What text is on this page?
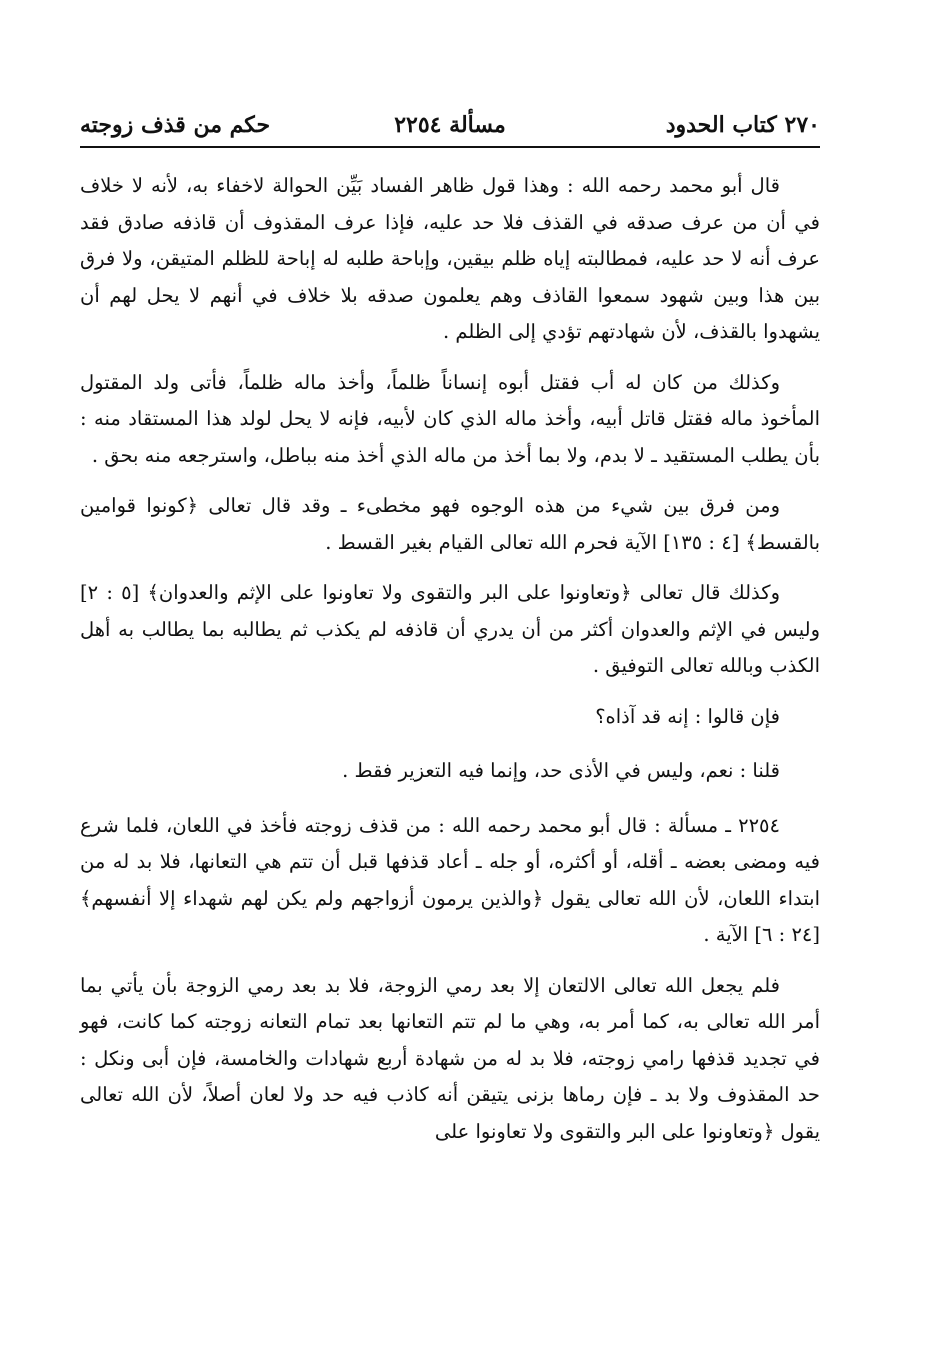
٢٧٠ كتاب الحدود
مسألة ٢٢٥٤
حكم من قذف زوجته

قال أبو محمد رحمه الله : وهذا قول ظاهر الفساد بَيِّن الحوالة لاخفاء به، لأنه لا خلاف في أن من عرف صدقه في القذف فلا حد عليه، فإذا عرف المقذوف أن قاذفه صادق فقد عرف أنه لا حد عليه، فمطالبته إياه ظلم بيقين، وإباحة طلبه له إباحة للظلم المتيقن، ولا فرق بين هذا وبين شهود سمعوا القاذف وهم يعلمون صدقه بلا خلاف في أنهم لا يحل لهم أن يشهدوا بالقذف، لأن شهادتهم تؤدي إلى الظلم .

وكذلك من كان له أب فقتل أبوه إنساناً ظلماً، وأخذ ماله ظلماً، فأتى ولد المقتول المأخوذ ماله فقتل قاتل أبيه، وأخذ ماله الذي كان لأبيه، فإنه لا يحل لولد هذا المستقاد منه : بأن يطلب المستقيد ـ لا بدم، ولا بما أخذ من ماله الذي أخذ منه بباطل، واسترجعه منه بحق .

ومن فرق بين شيء من هذه الوجوه فهو مخطىء ـ وقد قال تعالى ﴿كونوا قوامين بالقسط﴾ [٤ : ١٣٥] الآية فحرم الله تعالى القيام بغير القسط .

وكذلك قال تعالى ﴿وتعاونوا على البر والتقوى ولا تعاونوا على الإثم والعدوان﴾ [٥ : ٢] وليس في الإثم والعدوان أكثر من أن يدري أن قاذفه لم يكذب ثم يطالبه بما يطالب به أهل الكذب وبالله تعالى التوفيق .

فإن قالوا : إنه قد آذاه؟

قلنا : نعم، وليس في الأذى حد، وإنما فيه التعزير فقط .

٢٢٥٤ ـ مسألة : قال أبو محمد رحمه الله : من قذف زوجته فأخذ في اللعان، فلما شرع فيه ومضى بعضه ـ أقله، أو أكثره، أو جله ـ أعاد قذفها قبل أن تتم هي التعانها، فلا بد له من ابتداء اللعان، لأن الله تعالى يقول ﴿والذين يرمون أزواجهم ولم يكن لهم شهداء إلا أنفسهم﴾ [٢٤ : ٦] الآية .

فلم يجعل الله تعالى الالتعان إلا بعد رمي الزوجة، فلا بد بعد رمي الزوجة بأن يأتي بما أمر الله تعالى به، كما أمر به، وهي ما لم تتم التعانها بعد تمام التعانه زوجته كما كانت، فهو في تجديد قذفها رامي زوجته، فلا بد له من شهادة أربع شهادات والخامسة، فإن أبى ونكل : حد المقذوف ولا بد ـ فإن رماها بزنى يتيقن أنه كاذب فيه حد ولا لعان أصلاً، لأن الله تعالى يقول ﴿وتعاونوا على البر والتقوى ولا تعاونوا على
